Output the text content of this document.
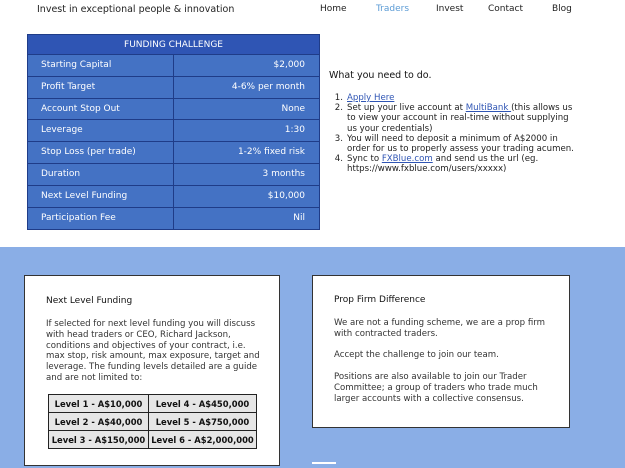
Invest in exceptional people & innovation	Home	Traders	Invest	Contact	Blog
FUNDING CHALLENGE
Starting Capital	$2,000
Profit Target	4-6% per month
Account Stop Out	None
Leverage	1:30
Stop Loss (per trade)	1-2% fixed risk
Duration	3 months
Next Level Funding	$10,000
Participation Fee	Nil
What you need to do.
1. Apply Here
2. Set up your live account at MultiBank (this allows us to view your account in real-time without supplying us your credentials)
3. You will need to deposit a minimum of A$2000 in order for us to properly assess your trading acumen.
4. Sync to FXBlue.com and send us the url (eg. https://www.fxblue.com/users/xxxxx)
Next Level Funding
If selected for next level funding you will discuss with head traders or CEO, Richard Jackson, conditions and objectives of your contract, i.e. max stop, risk amount, max exposure, target and leverage. The funding levels detailed are a guide and are not limited to:
Level 1 - A$10,000	Level 4 - A$450,000
Level 2 - A$40,000	Level 5 - A$750,000
Level 3 - A$150,000	Level 6 - A$2,000,000
Prop Firm Difference

We are not a funding scheme, we are a prop firm with contracted traders.

Accept the challenge to join our team.

Positions are also available to join our Trader Committee; a group of traders who trade much larger accounts with a collective consensus.
